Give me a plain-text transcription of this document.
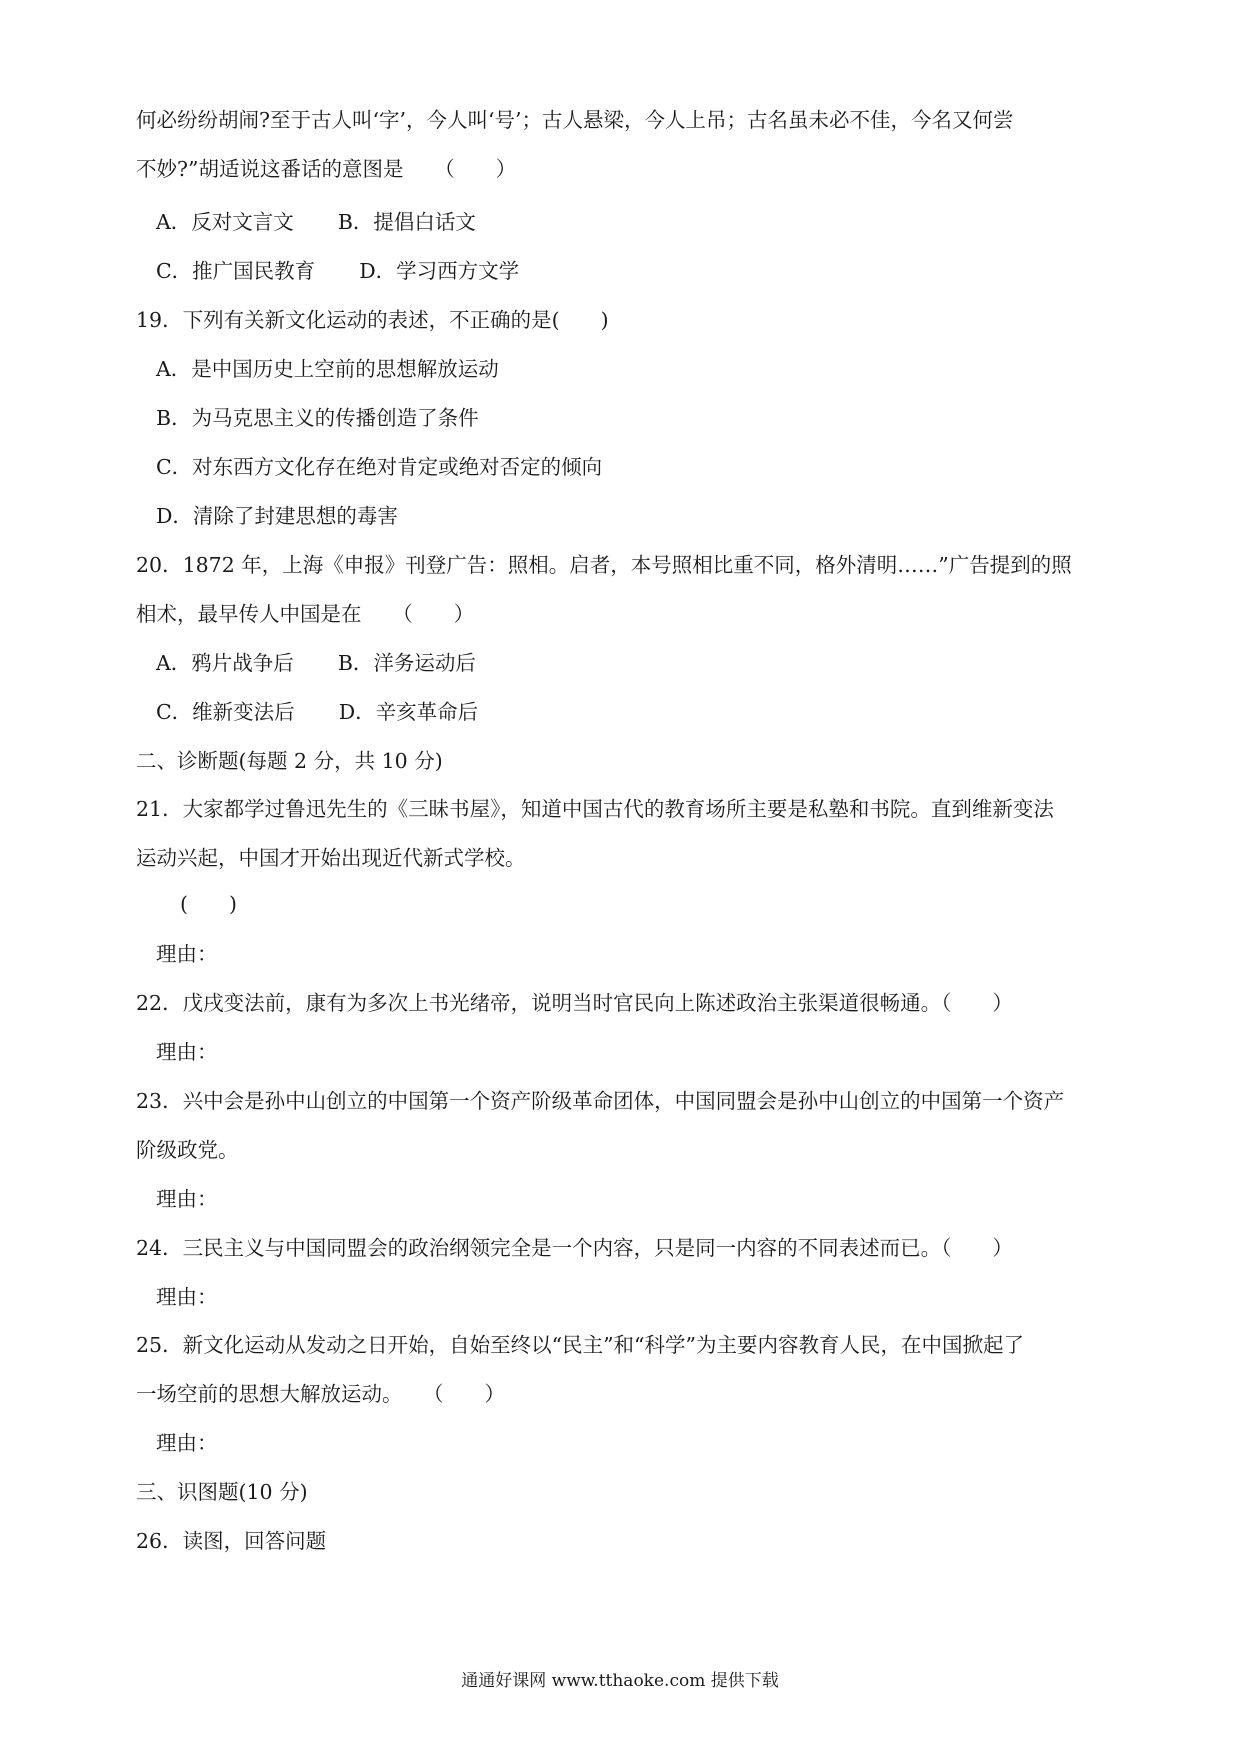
何必纷纷胡闹?至于古人叫‘字’，今人叫‘号’；古人悬梁，今人上吊；古名虽未必不佳，今名又何尝
不妙?”胡适说这番话的意图是　　（　　）
A．反对文言文 B．提倡白话文
C．推广国民教育 D．学习西方文学
19．下列有关新文化运动的表述，不正确的是(　　)
A．是中国历史上空前的思想解放运动
B．为马克思主义的传播创造了条件
C．对东西方文化存在绝对肯定或绝对否定的倾向
D．清除了封建思想的毒害
20．1872 年，上海《申报》刊登广告：照相。启者，本号照相比重不同，格外清明……”广告提到的照
相术，最早传人中国是在　　（　　）
A．鸦片战争后 B．洋务运动后
C．维新变法后 D．辛亥革命后
二、诊断题(每题 2 分，共 10 分)
21．大家都学过鲁迅先生的《三昧书屋》，知道中国古代的教育场所主要是私塾和书院。直到维新变法
运动兴起，中国才开始出现近代新式学校。
(　　)
理由：
22．戊戌变法前，康有为多次上书光绪帝，说明当时官民向上陈述政治主张渠道很畅通。（　　）
理由：
23．兴中会是孙中山创立的中国第一个资产阶级革命团体，中国同盟会是孙中山创立的中国第一个资产
阶级政党。
理由：
24．三民主义与中国同盟会的政治纲领完全是一个内容，只是同一内容的不同表述而已。（　　）
理由：
25．新文化运动从发动之日开始，自始至终以“民主”和“科学”为主要内容教育人民，在中国掀起了
一场空前的思想大解放运动。　　（　　）
理由：
三、识图题(10 分)
26．读图，回答问题
通通好课网 www.tthaoke.com 提供下载
